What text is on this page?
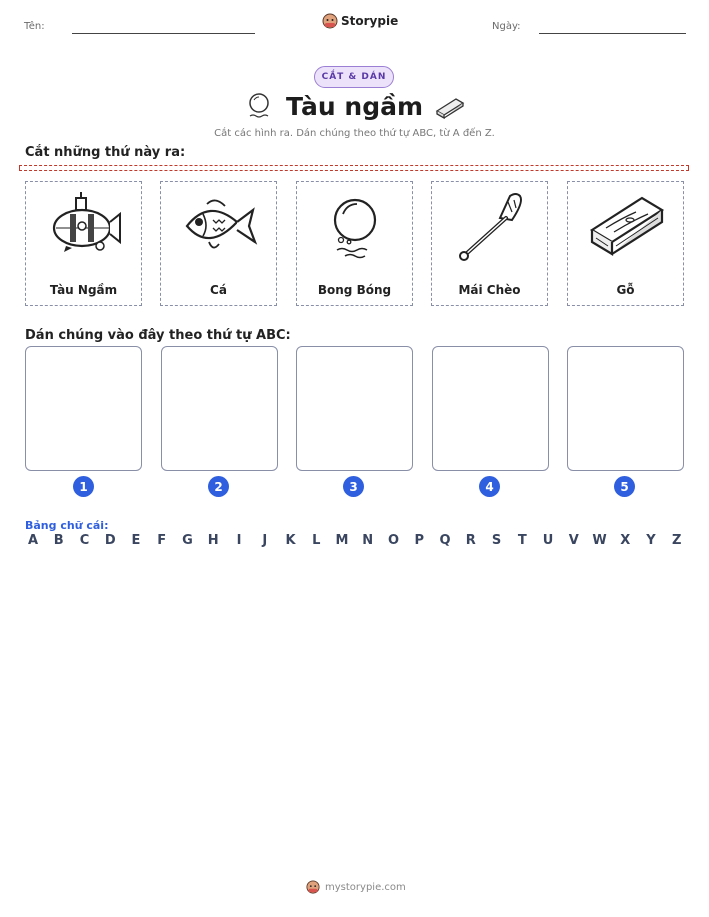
Tên:	Storypie	Ngày:
CẮT & DÁN
Tàu ngầm
Cắt các hình ra. Dán chúng theo thứ tự ABC, từ A đến Z.
Cắt những thứ này ra:
Tàu Ngầm	Cá	Bong Bóng	Mái Chèo	Gỗ
Dán chúng vào đây theo thứ tự ABC:
1	2	3	4	5
Bảng chữ cái:
A B C D E F G H	I	J	K L M N O P Q R S T U V W X Y Z
mystorypie.com
